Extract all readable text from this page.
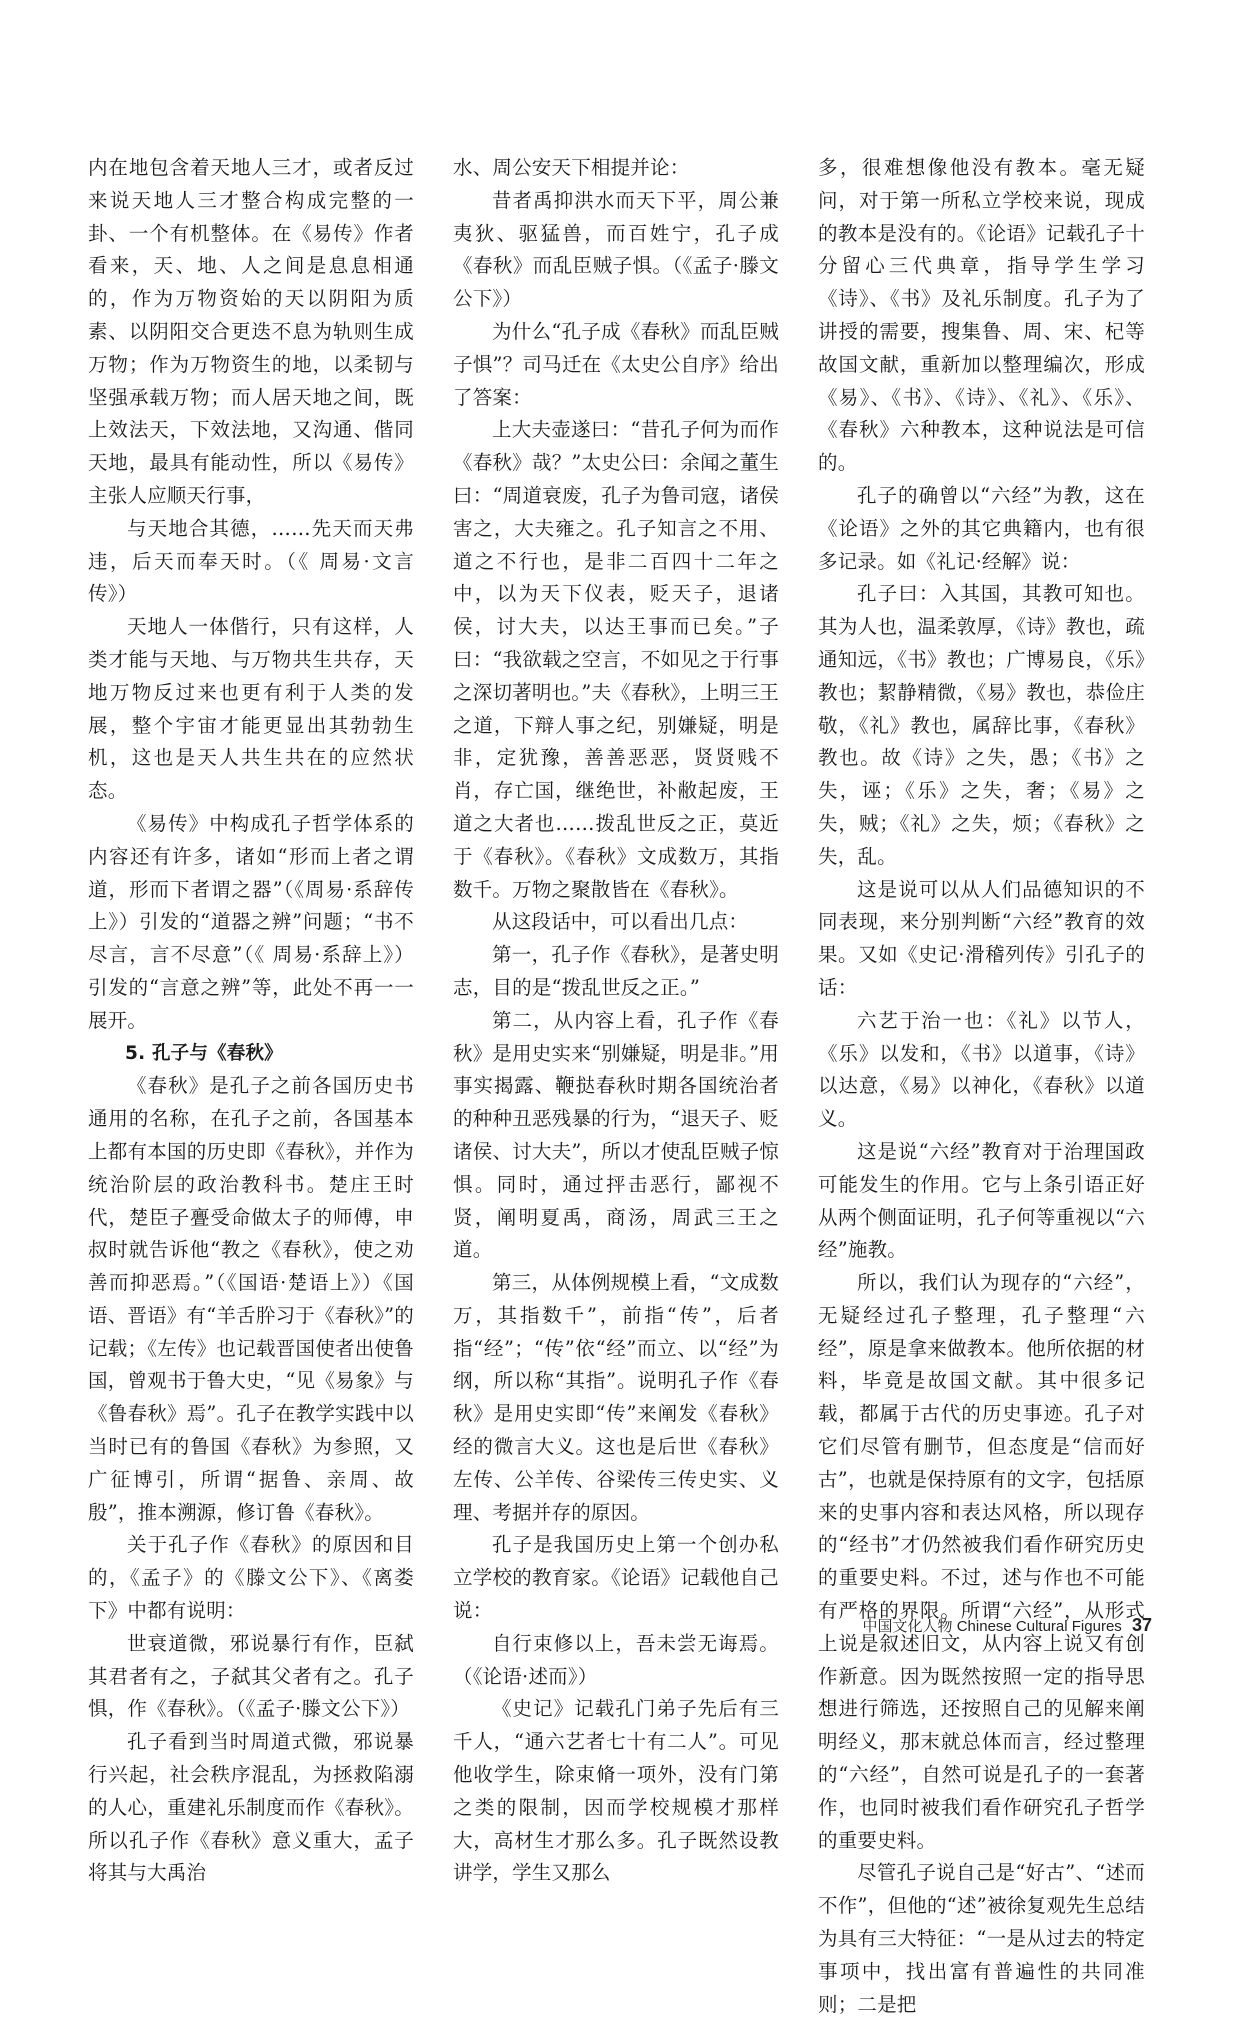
内在地包含着天地人三才，或者反过来说天地人三才整合构成完整的一卦、一个有机整体。在《易传》作者看来，天、地、人之间是息息相通的，作为万物资始的天以阴阳为质素、以阴阳交合更迭不息为轨则生成万物；作为万物资生的地，以柔韧与坚强承载万物；而人居天地之间，既上效法天，下效法地，又沟通、偕同天地，最具有能动性，所以《易传》主张人应顺天行事，

与天地合其德，……先天而天弗违，后天而奉天时。（《 周易·文言传》）

天地人一体偕行，只有这样，人类才能与天地、与万物共生共存，天地万物反过来也更有利于人类的发展，整个宇宙才能更显出其勃勃生机，这也是天人共生共在的应然状态。

《易传》中构成孔子哲学体系的内容还有许多，诸如“形而上者之谓道，形而下者谓之器”（《周易·系辞传上》）引发的“道器之辨”问题；“书不尽言，言不尽意”（《 周易·系辞上》）引发的“言意之辨”等，此处不再一一展开。

5. 孔子与《春秋》

《春秋》是孔子之前各国历史书通用的名称，在孔子之前，各国基本上都有本国的历史即《春秋》，并作为统治阶层的政治教科书。楚庄王时代，楚臣子亹受命做太子的师傅，申叔时就告诉他“教之《春秋》，使之劝善而抑恶焉。”（《国语·楚语上》）《国语、晋语》有“羊舌肸习于《春秋》”的记载；《左传》也记载晋国使者出使鲁国，曾观书于鲁大史，“见《易象》与《鲁春秋》焉”。孔子在教学实践中以当时已有的鲁国《春秋》为参照，又广征博引，所谓“据鲁、亲周、故殷”，推本溯源，修订鲁《春秋》。

关于孔子作《春秋》的原因和目的，《孟子》的《滕文公下》、《离娄下》中都有说明：

世衰道微，邪说暴行有作，臣弑其君者有之，子弑其父者有之。孔子惧，作《春秋》。（《孟子·滕文公下》）

孔子看到当时周道式微，邪说暴行兴起，社会秩序混乱，为拯救陷溺的人心，重建礼乐制度而作《春秋》。所以孔子作《春秋》意义重大，孟子将其与大禹治

水、周公安天下相提并论：

昔者禹抑洪水而天下平，周公兼夷狄、驱猛兽，而百姓宁，孔子成《春秋》而乱臣贼子惧。（《孟子·滕文公下》）

为什么“孔子成《春秋》而乱臣贼子惧”？司马迁在《太史公自序》给出了答案：

上大夫壶遂曰：“昔孔子何为而作《春秋》哉？”太史公曰：余闻之董生曰：“周道衰废，孔子为鲁司寇，诸侯害之，大夫雍之。孔子知言之不用、道之不行也，是非二百四十二年之中，以为天下仪表，贬天子，退诸侯，讨大夫，以达王事而已矣。”子曰：“我欲载之空言，不如见之于行事之深切著明也。”夫《春秋》，上明三王之道，下辩人事之纪，别嫌疑，明是非，定犹豫，善善恶恶，贤贤贱不肖，存亡国，继绝世，补敝起废，王道之大者也……拨乱世反之正，莫近于《春秋》。《春秋》文成数万，其指数千。万物之聚散皆在《春秋》。

从这段话中，可以看出几点：

第一，孔子作《春秋》，是著史明志，目的是“拨乱世反之正。”

第二，从内容上看，孔子作《春秋》是用史实来“别嫌疑，明是非。”用事实揭露、鞭挞春秋时期各国统治者的种种丑恶残暴的行为，“退天子、贬诸侯、讨大夫”，所以才使乱臣贼子惊惧。同时，通过抨击恶行，鄙视不贤，阐明夏禹，商汤，周武三王之道。

第三，从体例规模上看，“文成数万，其指数千”，前指“传”，后者指“经”；“传”依“经”而立、以“经”为纲，所以称“其指”。说明孔子作《春秋》是用史实即“传”来阐发《春秋》经的微言大义。这也是后世《春秋》左传、公羊传、谷梁传三传史实、义理、考据并存的原因。

孔子是我国历史上第一个创办私立学校的教育家。《论语》记载他自己说：

自行束修以上，吾未尝无诲焉。（《论语·述而》）

《史记》记载孔门弟子先后有三千人，“通六艺者七十有二人”。可见他收学生，除束脩一项外，没有门第之类的限制，因而学校规模才那样大，高材生才那么多。孔子既然设教讲学，学生又那么

多，很难想像他没有教本。毫无疑问，对于第一所私立学校来说，现成的教本是没有的。《论语》记载孔子十分留心三代典章，指导学生学习《诗》、《书》及礼乐制度。孔子为了讲授的需要，搜集鲁、周、宋、杞等故国文献，重新加以整理编次，形成《易》、《书》、《诗》、《礼》、《乐》、《春秋》六种教本，这种说法是可信的。

孔子的确曾以“六经”为教，这在《论语》之外的其它典籍内，也有很多记录。如《礼记·经解》说：

孔子曰：入其国，其教可知也。其为人也，温柔敦厚，《诗》教也，疏通知远，《书》教也；广博易良，《乐》教也；絜静精微，《易》教也，恭俭庄敬，《礼》教也，属辞比事，《春秋》教也。故《诗》之失，愚；《书》之失，诬；《乐》之失，奢；《易》之失，贼；《礼》之失，烦；《春秋》之失，乱。

这是说可以从人们品德知识的不同表现，来分别判断“六经”教育的效果。又如《史记·滑稽列传》引孔子的话：

六艺于治一也：《礼》以节人，《乐》以发和，《书》以道事，《诗》以达意，《易》以神化，《春秋》以道义。

这是说“六经”教育对于治理国政可能发生的作用。它与上条引语正好从两个侧面证明，孔子何等重视以“六经”施教。

所以，我们认为现存的“六经”，无疑经过孔子整理，孔子整理“六经”，原是拿来做教本。他所依据的材料，毕竟是故国文献。其中很多记载，都属于古代的历史事迹。孔子对它们尽管有删节，但态度是“信而好古”，也就是保持原有的文字，包括原来的史事内容和表达风格，所以现存的“经书”才仍然被我们看作研究历史的重要史料。不过，述与作也不可能有严格的界限。所谓“六经”，从形式上说是叙述旧文，从内容上说又有创作新意。因为既然按照一定的指导思想进行筛选，还按照自己的见解来阐明经义，那末就总体而言，经过整理的“六经”，自然可说是孔子的一套著作，也同时被我们看作研究孔子哲学的重要史料。

尽管孔子说自己是“好古”、“述而不作”，但他的“述”被徐复观先生总结为具有三大特征：“一是从过去的特定事项中，找出富有普遍性的共同准则；二是把

中国文化人物 Chinese Cultural Figures 37
